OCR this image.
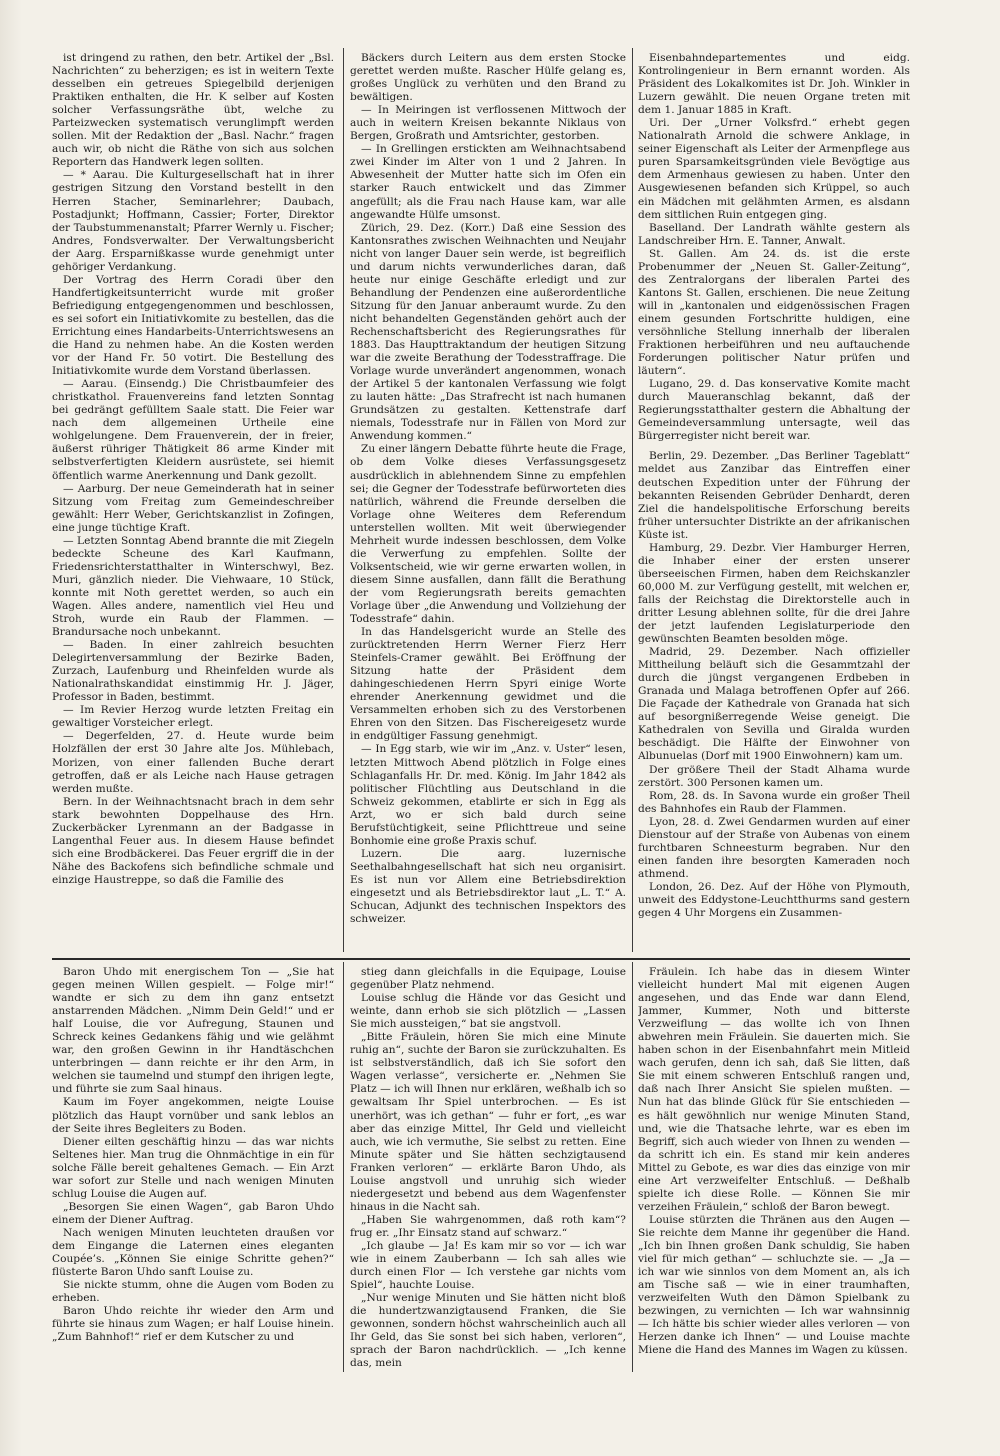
ist dringend zu rathen, den betr. Artikel der „Bsl. Nachrichten“ zu beherzigen; es ist in weitern Texte desselben ein getreues Spiegelbild derjenigen Praktiken enthalten, die Hr. K selber auf Kosten solcher Verfassungsräthe übt, welche zu Parteizwecken systematisch verunglimpft werden sollen. Mit der Redaktion der „Basl. Nachr.“ fragen auch wir, ob nicht die Räthe von sich aus solchen Reportern das Handwerk legen sollten.

— * Aarau. Die Kulturgesellschaft hat in ihrer gestrigen Sitzung den Vorstand bestellt in den Herren Stacher, Seminarlehrer; Daubach, Postadjunkt; Hoffmann, Cassier; Forter, Direktor der Taubstummenanstalt; Pfarrer Wernly u. Fischer; Andres, Fondsverwalter. Der Verwaltungsbericht der Aarg. Ersparnißkasse wurde genehmigt unter gehöriger Verdankung.

Der Vortrag des Herrn Coradi über den Handfertigkeitsunterricht wurde mit großer Befriedigung entgegengenommen und beschlossen, es sei sofort ein Initiativkomite zu bestellen, das die Errichtung eines Handarbeits-Unterrichtswesens an die Hand zu nehmen habe. An die Kosten werden vor der Hand Fr. 50 votirt. Die Bestellung des Initiativkomite wurde dem Vorstand überlassen.

— Aarau. (Einsendg.) Die Christbaumfeier des christkathol. Frauenvereins fand letzten Sonntag bei gedrängt gefülltem Saale statt. Die Feier war nach dem allgemeinen Urtheile eine wohlgelungene. Dem Frauenverein, der in freier, äußerst rühriger Thätigkeit 86 arme Kinder mit selbstverfertigten Kleidern ausrüstete, sei hiemit öffentlich warme Anerkennung und Dank gezollt.

— Aarburg. Der neue Gemeinderath hat in seiner Sitzung vom Freitag zum Gemeindeschreiber gewählt: Herr Weber, Gerichtskanzlist in Zofingen, eine junge tüchtige Kraft.

— Letzten Sonntag Abend brannte die mit Ziegeln bedeckte Scheune des Karl Kaufmann, Friedensrichterstatthalter in Winterschwyl, Bez. Muri, gänzlich nieder. Die Viehwaare, 10 Stück, konnte mit Noth gerettet werden, so auch ein Wagen. Alles andere, namentlich viel Heu und Stroh, wurde ein Raub der Flammen. — Brandursache noch unbekannt.

— Baden. In einer zahlreich besuchten Delegirtenversammlung der Bezirke Baden, Zurzach, Laufenburg und Rheinfelden wurde als Nationalrathskandidat einstimmig Hr. J. Jäger, Professor in Baden, bestimmt.

— Im Revier Herzog wurde letzten Freitag ein gewaltiger Vorsteicher erlegt.

— Degerfelden, 27. d. Heute wurde beim Holzfällen der erst 30 Jahre alte Jos. Mühlebach, Morizen, von einer fallenden Buche derart getroffen, daß er als Leiche nach Hause getragen werden mußte.

Bern. In der Weihnachtsnacht brach in dem sehr stark bewohnten Doppelhause des Hrn. Zuckerbäcker Lyrenmann an der Badgasse in Langenthal Feuer aus. In diesem Hause befindet sich eine Brodbäckerei. Das Feuer ergriff die in der Nähe des Backofens sich befindliche schmale und einzige Haustreppe, so daß die Familie des

Bäckers durch Leitern aus dem ersten Stocke gerettet werden mußte. Rascher Hülfe gelang es, großes Unglück zu verhüten und den Brand zu bewältigen.

— In Meiringen ist verflossenen Mittwoch der auch in weitern Kreisen bekannte Niklaus von Bergen, Großrath und Amtsrichter, gestorben.

— In Grellingen erstickten am Weihnachtsabend zwei Kinder im Alter von 1 und 2 Jahren. In Abwesenheit der Mutter hatte sich im Ofen ein starker Rauch entwickelt und das Zimmer angefüllt; als die Frau nach Hause kam, war alle angewandte Hülfe umsonst.

Zürich, 29. Dez. (Korr.) Daß eine Session des Kantonsrathes zwischen Weihnachten und Neujahr nicht von langer Dauer sein werde, ist begreiflich und darum nichts verwunderliches daran, daß heute nur einige Geschäfte erledigt und zur Behandlung der Pendenzen eine außerordentliche Sitzung für den Januar anberaumt wurde. Zu den nicht behandelten Gegenständen gehört auch der Rechenschaftsbericht des Regierungsrathes für 1883. Das Haupttraktandum der heutigen Sitzung war die zweite Berathung der Todesstraffrage. Die Vorlage wurde unverändert angenommen, wonach der Artikel 5 der kantonalen Verfassung wie folgt zu lauten hätte: „Das Strafrecht ist nach humanen Grundsätzen zu gestalten. Kettenstrafe darf niemals, Todesstrafe nur in Fällen von Mord zur Anwendung kommen.“

Zu einer längern Debatte führte heute die Frage, ob dem Volke dieses Verfassungsgesetz ausdrücklich in ablehnendem Sinne zu empfehlen sei; die Gegner der Todesstrafe befürworteten dies natürlich, während die Freunde derselben die Vorlage ohne Weiteres dem Referendum unterstellen wollten. Mit weit überwiegender Mehrheit wurde indessen beschlossen, dem Volke die Verwerfung zu empfehlen. Sollte der Volksentscheid, wie wir gerne erwarten wollen, in diesem Sinne ausfallen, dann fällt die Berathung der vom Regierungsrath bereits gemachten Vorlage über „die Anwendung und Vollziehung der Todesstrafe“ dahin.

In das Handelsgericht wurde an Stelle des zurücktretenden Herrn Werner Fierz Herr Steinfels-Cramer gewählt. Bei Eröffnung der Sitzung hatte der Präsident dem dahingeschiedenen Herrn Spyri einige Worte ehrender Anerkennung gewidmet und die Versammelten erhoben sich zu des Verstorbenen Ehren von den Sitzen. Das Fischereigesetz wurde in endgültiger Fassung genehmigt.

— In Egg starb, wie wir im „Anz. v. Uster“ lesen, letzten Mittwoch Abend plötzlich in Folge eines Schlaganfalls Hr. Dr. med. König. Im Jahr 1842 als politischer Flüchtling aus Deutschland in die Schweiz gekommen, etablirte er sich in Egg als Arzt, wo er sich bald durch seine Berufstüchtigkeit, seine Pflichttreue und seine Bonhomie eine große Praxis schuf.

Luzern. Die aarg. luzernische Seethalbahngesellschaft hat sich neu organisirt. Es ist nun vor Allem eine Betriebsdirektion eingesetzt und als Betriebsdirektor laut „L. T.“ A. Schucan, Adjunkt des technischen Inspektors des schweizer.

Eisenbahndepartementes und eidg. Kontrolingenieur in Bern ernannt worden. Als Präsident des Lokalkomites ist Dr. Joh. Winkler in Luzern gewählt. Die neuen Organe treten mit dem 1. Januar 1885 in Kraft.

Uri. Der „Urner Volksfrd.“ erhebt gegen Nationalrath Arnold die schwere Anklage, in seiner Eigenschaft als Leiter der Armenpflege aus puren Sparsamkeitsgründen viele Bevögtige aus dem Armenhaus gewiesen zu haben. Unter den Ausgewiesenen befanden sich Krüppel, so auch ein Mädchen mit gelähmten Armen, es alsdann dem sittlichen Ruin entgegen ging.

Baselland. Der Landrath wählte gestern als Landschreiber Hrn. E. Tanner, Anwalt.

St. Gallen. Am 24. ds. ist die erste Probenummer der „Neuen St. Galler-Zeitung“, des Zentralorgans der liberalen Partei des Kantons St. Gallen, erschienen. Die neue Zeitung will in „kantonalen und eidgenössischen Fragen einem gesunden Fortschritte huldigen, eine versöhnliche Stellung innerhalb der liberalen Fraktionen herbeiführen und neu auftauchende Forderungen politischer Natur prüfen und läutern“.

Lugano, 29. d. Das konservative Komite macht durch Maueranschlag bekannt, daß der Regierungsstatthalter gestern die Abhaltung der Gemeindeversammlung untersagte, weil das Bürgerregister nicht bereit war.

Berlin, 29. Dezember. „Das Berliner Tageblatt“ meldet aus Zanzibar das Eintreffen einer deutschen Expedition unter der Führung der bekannten Reisenden Gebrüder Denhardt, deren Ziel die handelspolitische Erforschung bereits früher untersuchter Distrikte an der afrikanischen Küste ist.

Hamburg, 29. Dezbr. Vier Hamburger Herren, die Inhaber einer der ersten unserer überseeischen Firmen, haben dem Reichskanzler 60,000 M. zur Verfügung gestellt, mit welchen er, falls der Reichstag die Direktorstelle auch in dritter Lesung ablehnen sollte, für die drei Jahre der jetzt laufenden Legislaturperiode den gewünschten Beamten besolden möge.

Madrid, 29. Dezember. Nach offizieller Mittheilung beläuft sich die Gesammtzahl der durch die jüngst vergangenen Erdbeben in Granada und Malaga betroffenen Opfer auf 266. Die Façade der Kathedrale von Granada hat sich auf besorgnißerregende Weise geneigt. Die Kathedralen von Sevilla und Giralda wurden beschädigt. Die Hälfte der Einwohner von Albunuelas (Dorf mit 1900 Einwohnern) kam um.

Der größere Theil der Stadt Alhama wurde zerstört. 300 Personen kamen um.

Rom, 28. ds. In Savona wurde ein großer Theil des Bahnhofes ein Raub der Flammen.

Lyon, 28. d. Zwei Gendarmen wurden auf einer Dienstour auf der Straße von Aubenas von einem furchtbaren Schneesturm begraben. Nur den einen fanden ihre besorgten Kameraden noch athmend.

London, 26. Dez. Auf der Höhe von Plymouth, unweit des Eddystone-Leuchtthurms sand gestern gegen 4 Uhr Morgens ein Zusammen-

Baron Uhdo mit energischem Ton — „Sie hat gegen meinen Willen gespielt. — Folge mir!“ wandte er sich zu dem ihn ganz entsetzt anstarrenden Mädchen. „Nimm Dein Geld!“ und er half Louise, die vor Aufregung, Staunen und Schreck keines Gedankens fähig und wie gelähmt war, den großen Gewinn in ihr Handtäschchen unterbringen — dann reichte er ihr den Arm, in welchen sie taumelnd und stumpf den ihrigen legte, und führte sie zum Saal hinaus.

Kaum im Foyer angekommen, neigte Louise plötzlich das Haupt vornüber und sank leblos an der Seite ihres Begleiters zu Boden.

Diener eilten geschäftig hinzu — das war nichts Seltenes hier. Man trug die Ohnmächtige in ein für solche Fälle bereit gehaltenes Gemach. — Ein Arzt war sofort zur Stelle und nach wenigen Minuten schlug Louise die Augen auf.

„Besorgen Sie einen Wagen“, gab Baron Uhdo einem der Diener Auftrag.

Nach wenigen Minuten leuchteten draußen vor dem Eingange die Laternen eines eleganten Coupée’s. „Können Sie einige Schritte gehen?“ flüsterte Baron Uhdo sanft Louise zu.

Sie nickte stumm, ohne die Augen vom Boden zu erheben.

Baron Uhdo reichte ihr wieder den Arm und führte sie hinaus zum Wagen; er half Louise hinein. „Zum Bahnhof!“ rief er dem Kutscher zu und

stieg dann gleichfalls in die Equipage, Louise gegenüber Platz nehmend.

Louise schlug die Hände vor das Gesicht und weinte, dann erhob sie sich plötzlich — „Lassen Sie mich aussteigen,“ bat sie angstvoll.

„Bitte Fräulein, hören Sie mich eine Minute ruhig an“, suchte der Baron sie zurückzuhalten. Es ist selbstverständlich, daß ich Sie sofort den Wagen verlasse“, versicherte er. „Nehmen Sie Platz — ich will Ihnen nur erklären, weßhalb ich so gewaltsam Ihr Spiel unterbrochen. — Es ist unerhört, was ich gethan“ — fuhr er fort, „es war aber das einzige Mittel, Ihr Geld und vielleicht auch, wie ich vermuthe, Sie selbst zu retten. Eine Minute später und Sie hätten sechzigtausend Franken verloren“ — erklärte Baron Uhdo, als Louise angstvoll und unruhig sich wieder niedergesetzt und bebend aus dem Wagenfenster hinaus in die Nacht sah.

„Haben Sie wahrgenommen, daß roth kam“? frug er. „Ihr Einsatz stand auf schwarz.“

„Ich glaube — Ja! Es kam mir so vor — ich war wie in einem Zauberbann — Ich sah alles wie durch einen Flor — Ich verstehe gar nichts vom Spiel“, hauchte Louise.

„Nur wenige Minuten und Sie hätten nicht bloß die hundertzwanzigtausend Franken, die Sie gewonnen, sondern höchst wahrscheinlich auch all Ihr Geld, das Sie sonst bei sich haben, verloren“, sprach der Baron nachdrücklich. — „Ich kenne das, mein

Fräulein. Ich habe das in diesem Winter vielleicht hundert Mal mit eigenen Augen angesehen, und das Ende war dann Elend, Jammer, Kummer, Noth und bitterste Verzweiflung — das wollte ich von Ihnen abwehren mein Fräulein. Sie dauerten mich. Sie haben schon in der Eisenbahnfahrt mein Mitleid wach gerufen, denn ich sah, daß Sie litten, daß Sie mit einem schweren Entschluß rangen und, daß nach Ihrer Ansicht Sie spielen mußten. — Nun hat das blinde Glück für Sie entschieden — es hält gewöhnlich nur wenige Minuten Stand, und, wie die Thatsache lehrte, war es eben im Begriff, sich auch wieder von Ihnen zu wenden — da schritt ich ein. Es stand mir kein anderes Mittel zu Gebote, es war dies das einzige von mir eine Art verzweifelter Entschluß. — Deßhalb spielte ich diese Rolle. — Können Sie mir verzeihen Fräulein,“ schloß der Baron bewegt.

Louise stürzten die Thränen aus den Augen — Sie reichte dem Manne ihr gegenüber die Hand. „Ich bin Ihnen großen Dank schuldig, Sie haben viel für mich gethan“ — schluchzte sie. — „Ja — ich war wie sinnlos von dem Moment an, als ich am Tische saß — wie in einer traumhaften, verzweifelten Wuth den Dämon Spielbank zu bezwingen, zu vernichten — Ich war wahnsinnig — Ich hätte bis schier wieder alles verloren — von Herzen danke ich Ihnen“ — und Louise machte Miene die Hand des Mannes im Wagen zu küssen.
